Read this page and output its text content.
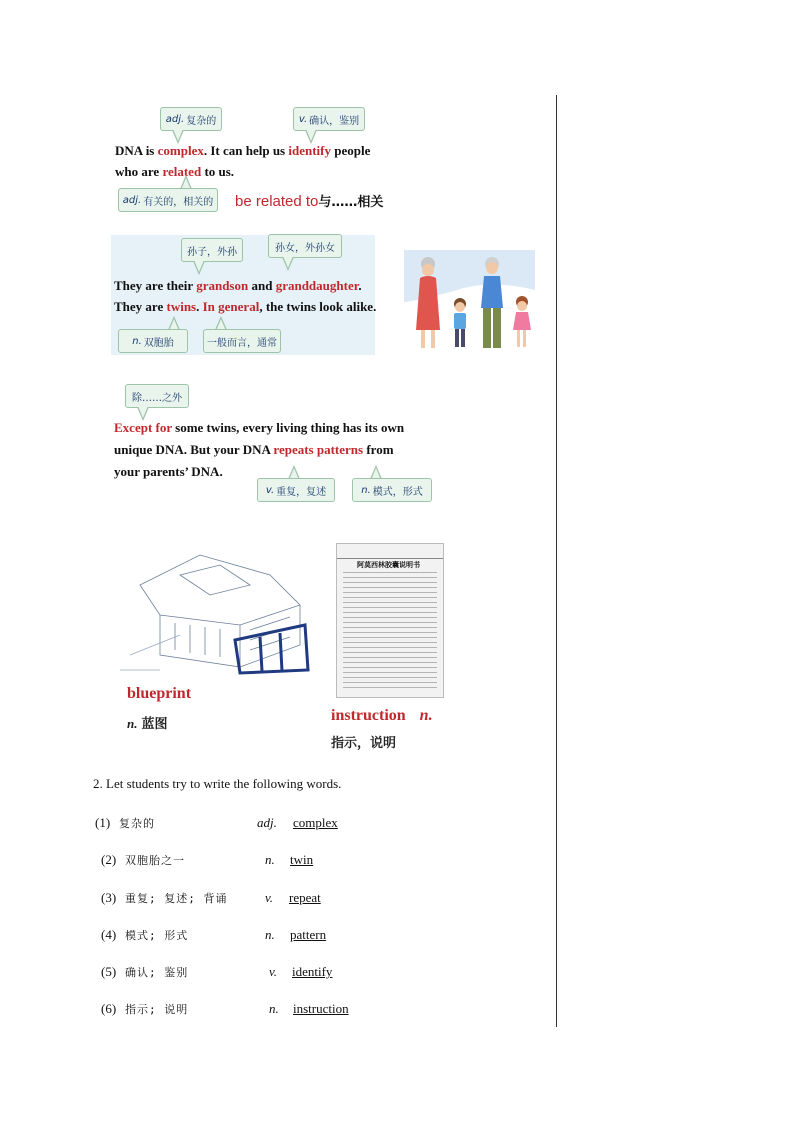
adj. 复杂的	v. 确认，鉴别
DNA is complex. It can help us identify people
who are related to us.
adj. 有关的，相关的 be related to与……相关
孙子，外孙	孙女，外孙女
They are their grandson and granddaughter.
They are twins. In general, the twins look alike.
n. 双胞胎	一般而言，通常
除……之外
Except for some twins, every living thing has its own
unique DNA. But your DNA repeats patterns from
your parents’ DNA.
v. 重复，复述	n. 模式，形式
blueprint
n. 蓝图
阿莫西林胶囊说明书
instruction n.
指示，说明
2. Let students try to write the following words.
(1) 复杂的	adj. complex
(2) 双胞胎之一	n. twin
(3) 重复; 复述; 背诵	v. repeat
(4) 模式; 形式	n. pattern
(5) 确认; 鉴别	v. identify
(6) 指示; 说明	n. instruction
